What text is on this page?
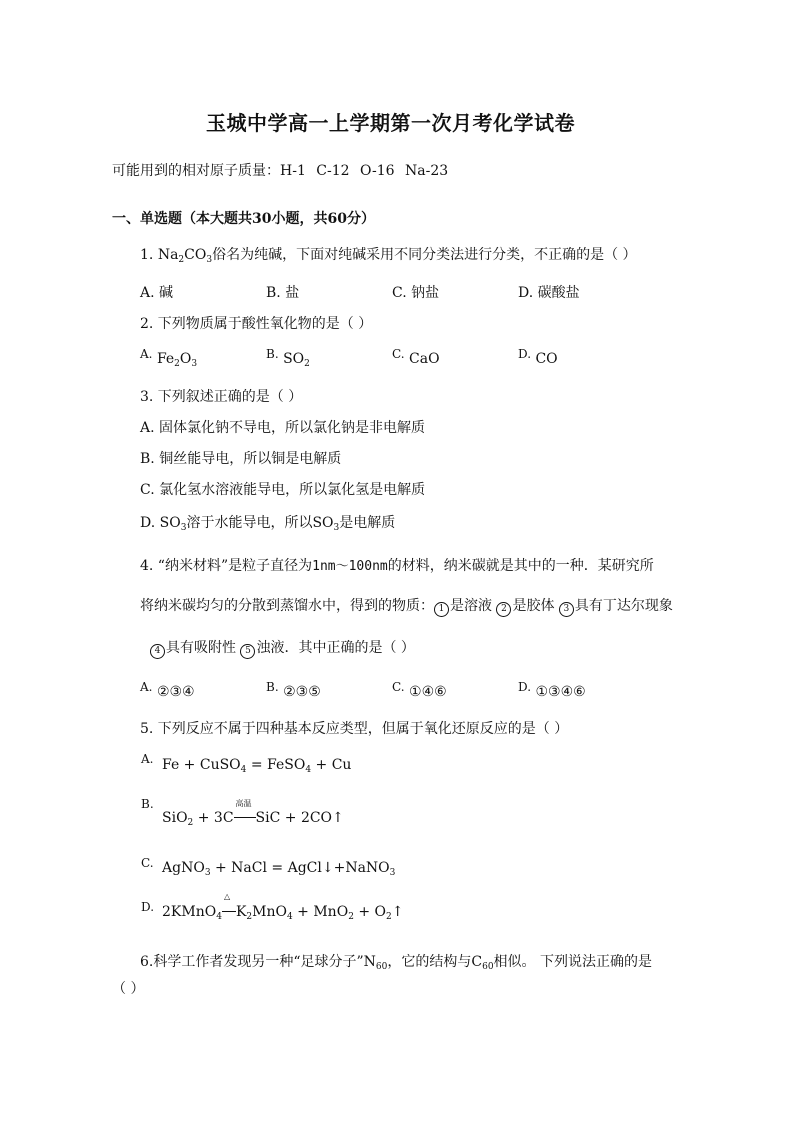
玉城中学高一上学期第一次月考化学试卷
可能用到的相对原子质量：H-1 C-12 O-16 Na-23
一、单选题（本大题共30小题，共60分）
1. $Na_2CO_3$俗名为纯碱，下面对纯碱采用不同分类法进行分类，不正确的是（ ）
A. 碱	B. 盐	C. 钠盐	D. 碳酸盐
2. 下列物质属于酸性氧化物的是（ ）
A. $Fe_2O_3$
B. $SO_2$
C. CaO	D. CO
3. 下列叙述正确的是（ ）
A. 固体氯化钠不导电，所以氯化钠是非电解质
B. 铜丝能导电，所以铜是电解质
C. 氯化氢水溶液能导电，所以氯化氢是电解质
D. $SO_3$溶于水能导电，所以$SO_3$是电解质
4. “纳米材料”是粒子直径为1nm～100nm的材料，纳米碳就是其中的一种．某研究所
将纳米碳均匀的分散到蒸馏水中，得到的物质： 1 是溶液 2 是胶体 3 具有丁达尔现象
4 具有吸附性 5 浊液．其中正确的是（ ）
A. ②③④	B. ②③⑤	C. ①④⑥	D. ①③④⑥
5. 下列反应不属于四种基本反应类型，但属于氧化还原反应的是（ ）
A. Fe + CuSO$_4$ = FeSO$_4$ + Cu
B.
SiO$_2$ + 3C
高温
SiC + 2CO↑
C. AgNO$_3$ + NaCl = AgCl↓+NaNO$_3$
D. 2KMnO$_4$
△
$K_2MnO_4 + MnO_2$ + $O_2↑$
6.科学工作者发现另一种“足球分子$”N_{60}$，它的结构与$C_{60}$相似。 下列说法正确的是
（ ）
